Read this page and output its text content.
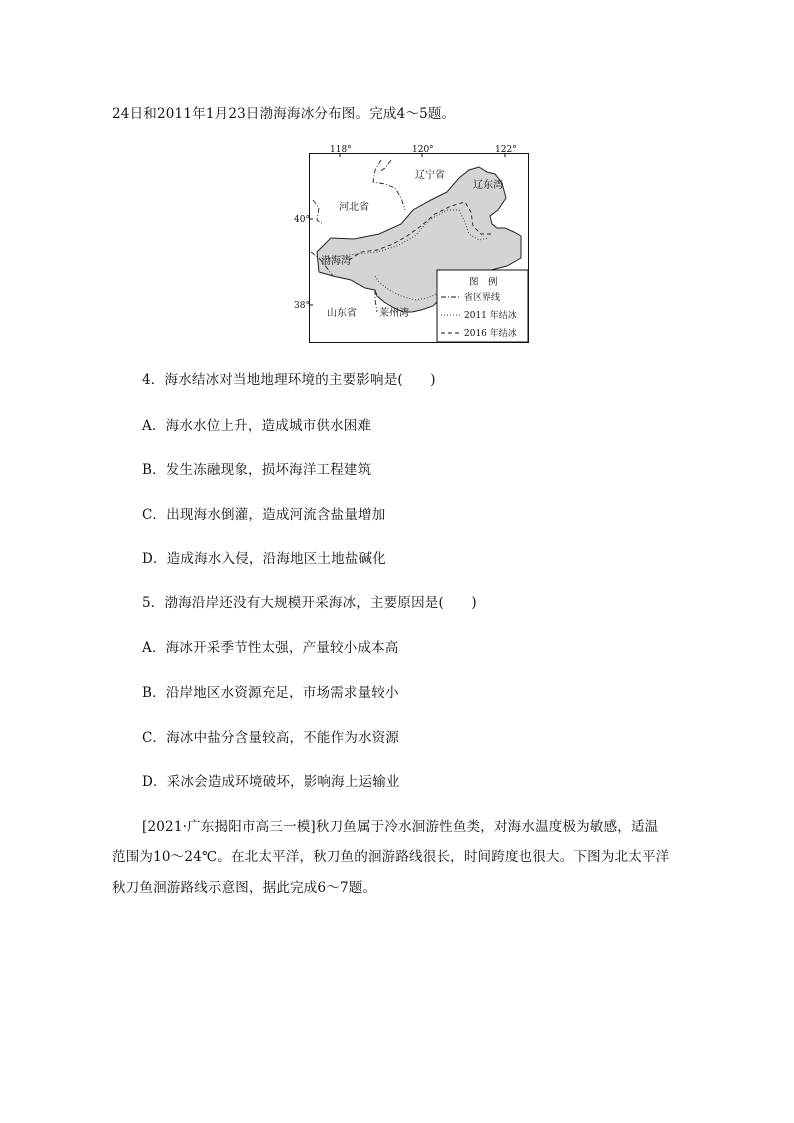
24日和2011年1月23日渤海海冰分布图。完成4～5题。
118°	120°	122°
40°
38°
辽宁省
辽东湾
河北省
渤海湾
山东省 莱州湾
图　例
省区界线
2011 年结冰
2016 年结冰
4．海水结冰对当地地理环境的主要影响是(　　)
A．海水水位上升，造成城市供水困难
B．发生冻融现象，损坏海洋工程建筑
C．出现海水倒灌，造成河流含盐量增加
D．造成海水入侵，沿海地区土地盐碱化
5．渤海沿岸还没有大规模开采海冰，主要原因是(　　)
A．海冰开采季节性太强，产量较小成本高
B．沿岸地区水资源充足，市场需求量较小
C．海冰中盐分含量较高，不能作为水资源
D．采冰会造成环境破坏，影响海上运输业
[2021·广东揭阳市高三一模]秋刀鱼属于冷水洄游性鱼类，对海水温度极为敏感，适温
范围为10～24℃。在北太平洋，秋刀鱼的洄游路线很长，时间跨度也很大。下图为北太平洋
秋刀鱼洄游路线示意图，据此完成6～7题。
